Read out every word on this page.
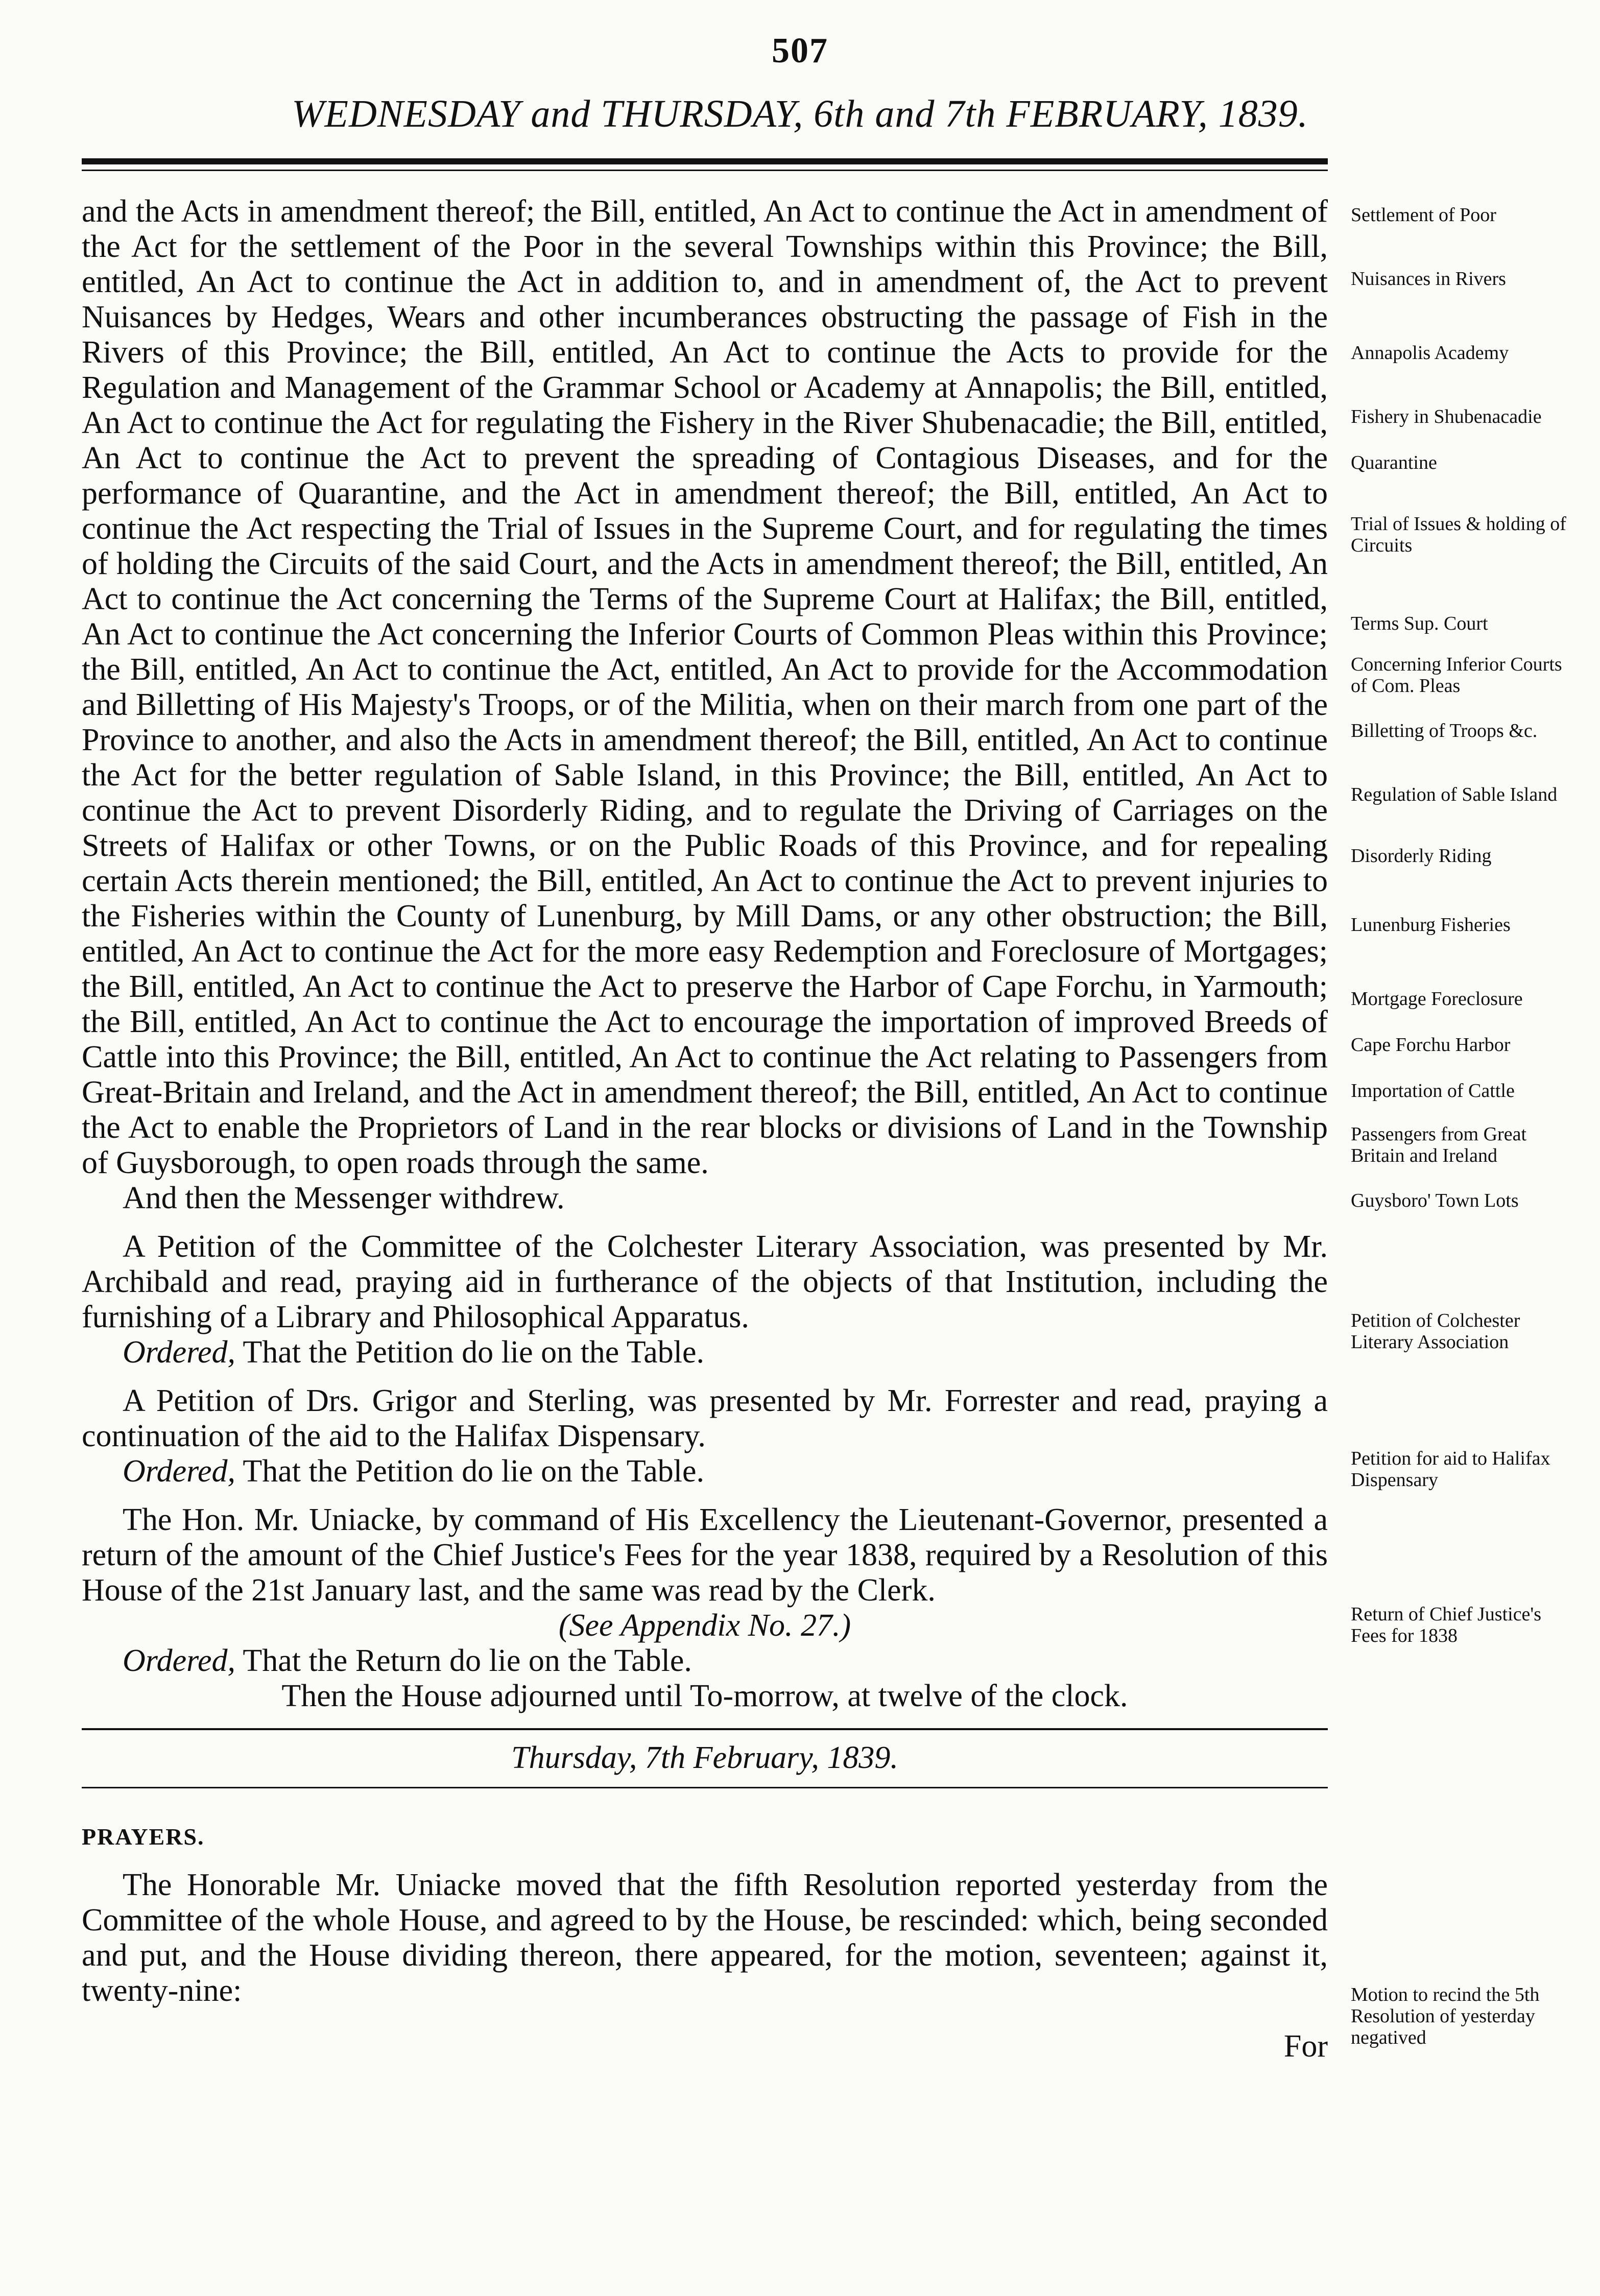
507
WEDNESDAY and THURSDAY, 6th and 7th FEBRUARY, 1839.

and the Acts in amendment thereof; the Bill, entitled, An Act to continue the Act in amendment of the Act for the settlement of the Poor in the several Townships within this Province; the Bill, entitled, An Act to continue the Act in addition to, and in amendment of, the Act to prevent Nuisances by Hedges, Wears and other incumberances obstructing the passage of Fish in the Rivers of this Province; the Bill, entitled, An Act to continue the Acts to provide for the Regulation and Management of the Grammar School or Academy at Annapolis; the Bill, entitled, An Act to continue the Act for regulating the Fishery in the River Shubenacadie; the Bill, entitled, An Act to continue the Act to prevent the spreading of Contagious Diseases, and for the performance of Quarantine, and the Act in amendment thereof; the Bill, entitled, An Act to continue the Act respecting the Trial of Issues in the Supreme Court, and for regulating the times of holding the Circuits of the said Court, and the Acts in amendment thereof; the Bill, entitled, An Act to continue the Act concerning the Terms of the Supreme Court at Halifax; the Bill, entitled, An Act to continue the Act concerning the Inferior Courts of Common Pleas within this Province; the Bill, entitled, An Act to continue the Act, entitled, An Act to provide for the Accommodation and Billetting of His Majesty's Troops, or of the Militia, when on their march from one part of the Province to another, and also the Acts in amendment thereof; the Bill, entitled, An Act to continue the Act for the better regulation of Sable Island, in this Province; the Bill, entitled, An Act to continue the Act to prevent Disorderly Riding, and to regulate the Driving of Carriages on the Streets of Halifax or other Towns, or on the Public Roads of this Province, and for repealing certain Acts therein mentioned; the Bill, entitled, An Act to continue the Act to prevent injuries to the Fisheries within the County of Lunenburg, by Mill Dams, or any other obstruction; the Bill, entitled, An Act to continue the Act for the more easy Redemption and Foreclosure of Mortgages; the Bill, entitled, An Act to continue the Act to preserve the Harbor of Cape Forchu, in Yarmouth; the Bill, entitled, An Act to continue the Act to encourage the importation of improved Breeds of Cattle into this Province; the Bill, entitled, An Act to continue the Act relating to Passengers from Great-Britain and Ireland, and the Act in amendment thereof; the Bill, entitled, An Act to continue the Act to enable the Proprietors of Land in the rear blocks or divisions of Land in the Township of Guysborough, to open roads through the same.

And then the Messenger withdrew.

A Petition of the Committee of the Colchester Literary Association, was presented by Mr. Archibald and read, praying aid in furtherance of the objects of that Institution, including the furnishing of a Library and Philosophical Apparatus.

Ordered, That the Petition do lie on the Table.

A Petition of Drs. Grigor and Sterling, was presented by Mr. Forrester and read, praying a continuation of the aid to the Halifax Dispensary.

Ordered, That the Petition do lie on the Table.

The Hon. Mr. Uniacke, by command of His Excellency the Lieutenant-Governor, presented a return of the amount of the Chief Justice's Fees for the year 1838, required by a Resolution of this House of the 21st January last, and the same was read by the Clerk.

(See Appendix No. 27.)

Ordered, That the Return do lie on the Table.

Then the House adjourned until To-morrow, at twelve of the clock.

Thursday, 7th February, 1839.

PRAYERS.

The Honorable Mr. Uniacke moved that the fifth Resolution reported yesterday from the Committee of the whole House, and agreed to by the House, be rescinded: which, being seconded and put, and the House dividing thereon, there appeared, for the motion, seventeen; against it, twenty-nine:

For

Settlement of Poor
Nuisances in Rivers
Annapolis Academy
Fishery in Shubenacadie
Quarantine
Trial of Issues & holding of Circuits
Terms Sup. Court
Concerning Inferior Courts of Com. Pleas
Billetting of Troops &c.
Regulation of Sable Island
Disorderly Riding
Lunenburg Fisheries
Mortgage Foreclosure
Cape Forchu Harbor
Importation of Cattle
Passengers from Great Britain and Ireland
Guysboro' Town Lots
Petition of Colchester Literary Association
Petition for aid to Halifax Dispensary
Return of Chief Justice's Fees for 1838
Motion to recind the 5th Resolution of yesterday negatived
